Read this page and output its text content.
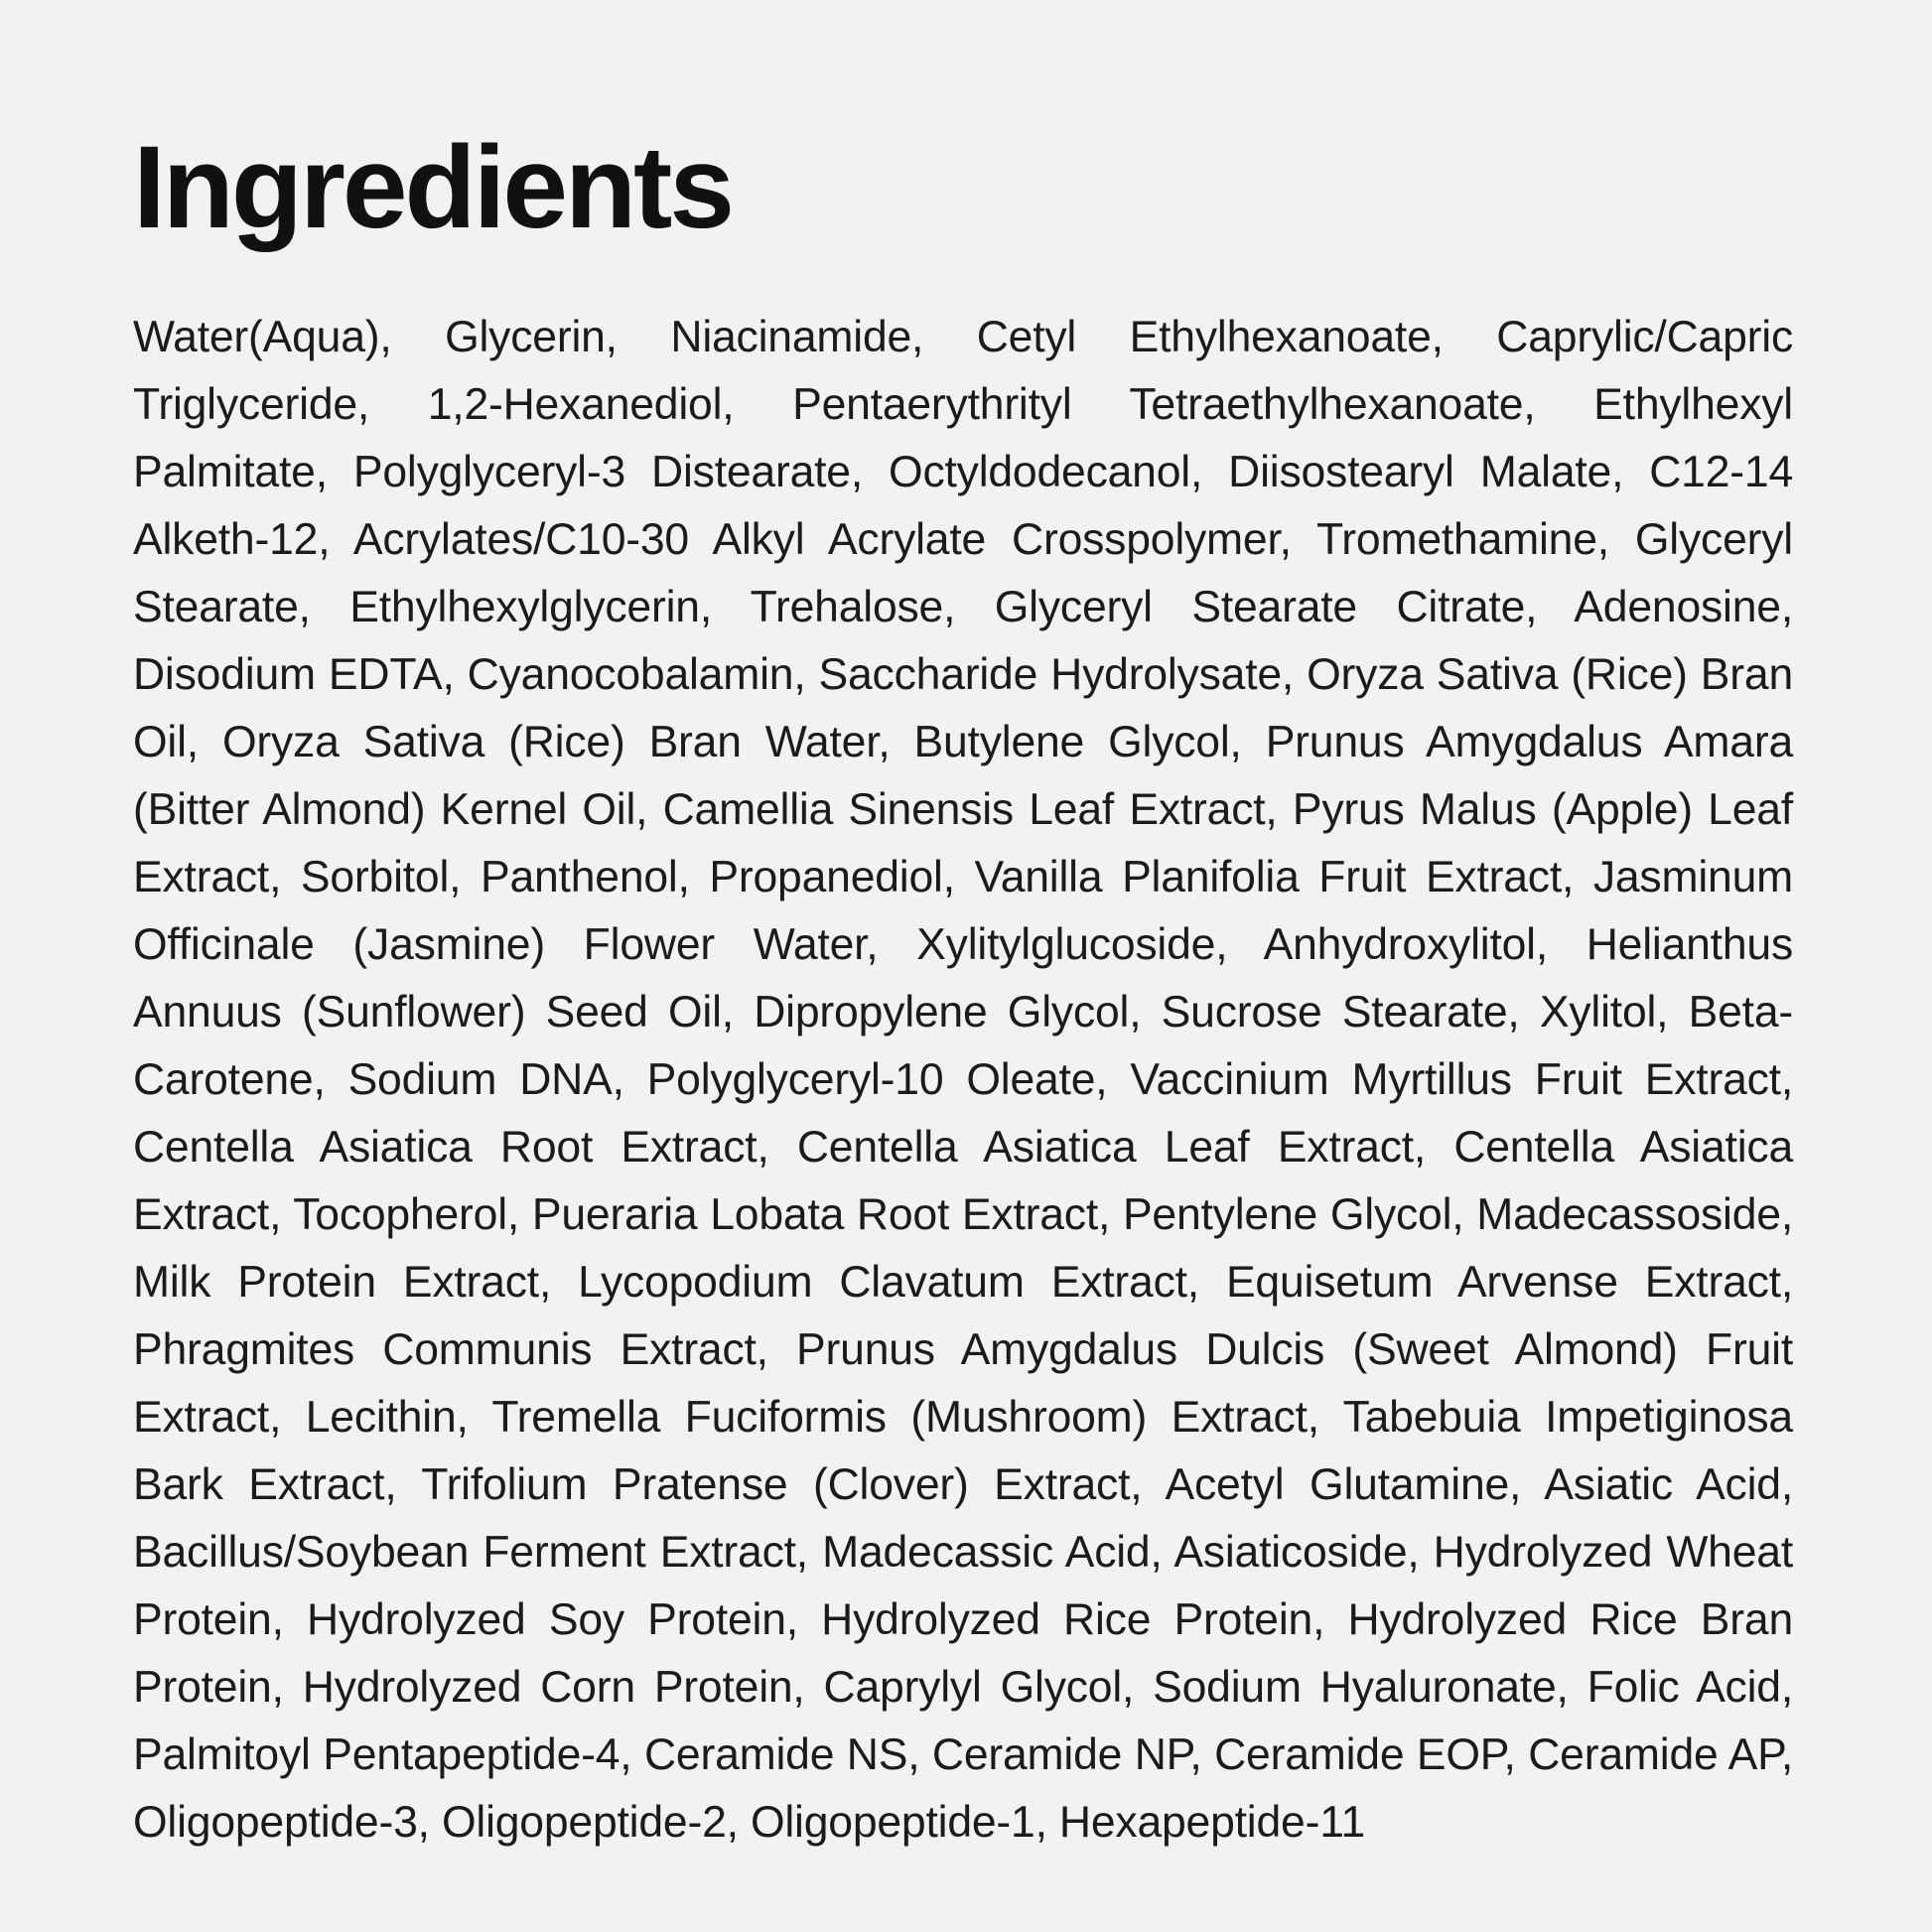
Ingredients

Water(Aqua), Glycerin, Niacinamide, Cetyl Ethylhexanoate, Caprylic/Capric Triglyceride, 1,2-Hexanediol, Pentaerythrityl Tetraethylhexanoate, Ethylhexyl Palmitate, Polyglyceryl-3 Distearate, Octyldodecanol, Diisostearyl Malate, C12-14 Alketh-12, Acrylates/C10-30 Alkyl Acrylate Crosspolymer, Tromethamine, Glyceryl Stearate, Ethylhexylglycerin, Trehalose, Glyceryl Stearate Citrate, Adenosine, Disodium EDTA, Cyanocobalamin, Saccharide Hydrolysate, Oryza Sativa (Rice) Bran Oil, Oryza Sativa (Rice) Bran Water, Butylene Glycol, Prunus Amygdalus Amara (Bitter Almond) Kernel Oil, Camellia Sinensis Leaf Extract, Pyrus Malus (Apple) Leaf Extract, Sorbitol, Panthenol, Propanediol, Vanilla Planifolia Fruit Extract, Jasminum Officinale (Jasmine) Flower Water, Xylitylglucoside, Anhydroxylitol, Helianthus Annuus (Sunflower) Seed Oil, Dipropylene Glycol, Sucrose Stearate, Xylitol, Beta-Carotene, Sodium DNA, Polyglyceryl-10 Oleate, Vaccinium Myrtillus Fruit Extract, Centella Asiatica Root Extract, Centella Asiatica Leaf Extract, Centella Asiatica Extract, Tocopherol, Pueraria Lobata Root Extract, Pentylene Glycol, Madecassoside, Milk Protein Extract, Lycopodium Clavatum Extract, Equisetum Arvense Extract, Phragmites Communis Extract, Prunus Amygdalus Dulcis (Sweet Almond) Fruit Extract, Lecithin, Tremella Fuciformis (Mushroom) Extract, Tabebuia Impetiginosa Bark Extract, Trifolium Pratense (Clover) Extract, Acetyl Glutamine, Asiatic Acid, Bacillus/Soybean Ferment Extract, Madecassic Acid, Asiaticoside, Hydrolyzed Wheat Protein, Hydrolyzed Soy Protein, Hydrolyzed Rice Protein, Hydrolyzed Rice Bran Protein, Hydrolyzed Corn Protein, Caprylyl Glycol, Sodium Hyaluronate, Folic Acid, Palmitoyl Pentapeptide-4, Ceramide NS, Ceramide NP, Ceramide EOP, Ceramide AP, Oligopeptide-3, Oligopeptide-2, Oligopeptide-1, Hexapeptide-11
